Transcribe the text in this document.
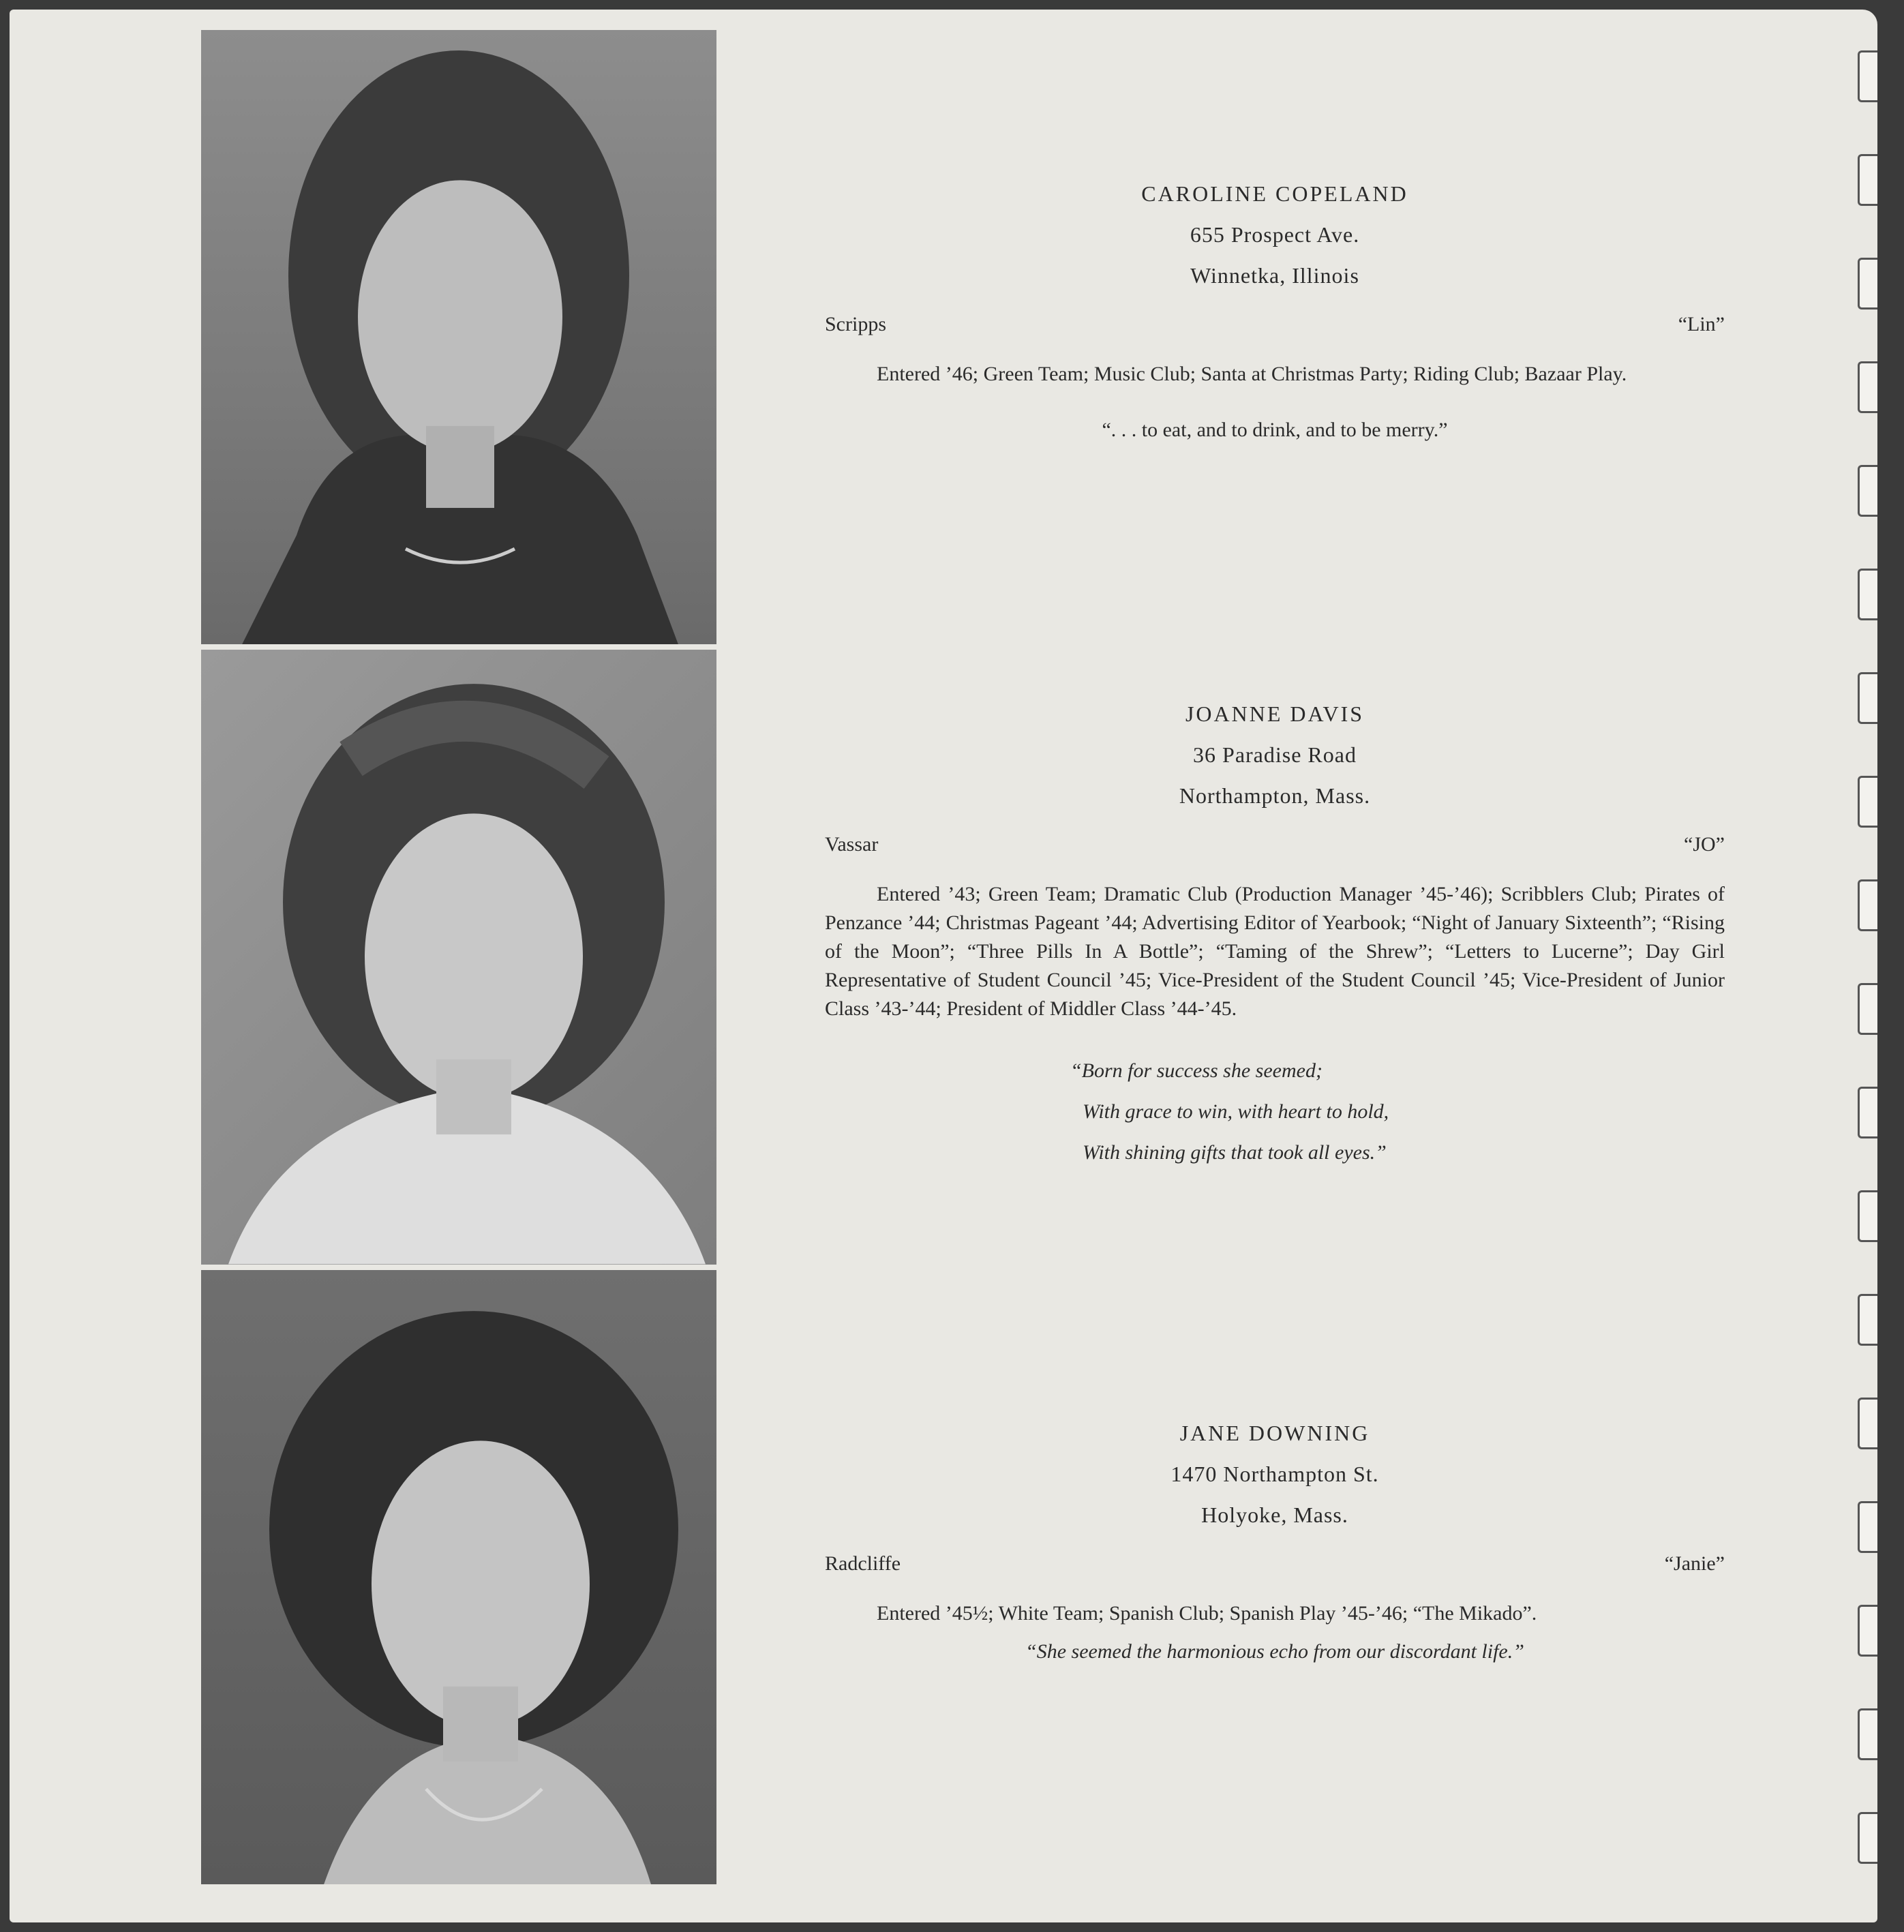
CAROLINE COPELAND
655 Prospect Ave.
Winnetka, Illinois
Scripps	“Lin”
Entered ’46; Green Team; Music Club; Santa at Christmas Party; Riding Club; Bazaar Play.
“. . . to eat, and to drink, and to be merry.”
JOANNE DAVIS
36 Paradise Road
Northampton, Mass.
Vassar	“JO”
Entered ’43; Green Team; Dramatic Club (Production Manager ’45-’46); Scribblers Club; Pirates of Penzance ’44; Christmas Pageant ’44; Advertising Editor of Yearbook; “Night of January Sixteenth”; “Rising of the Moon”; “Three Pills In A Bottle”; “Taming of the Shrew”; “Letters to Lucerne”; Day Girl Representative of Student Council ’45; Vice-President of the Student Council ’45; Vice-President of Junior Class ’43-’44; President of Middler Class ’44-’45.
“Born for success she seemed;
With grace to win, with heart to hold,
With shining gifts that took all eyes.”
JANE DOWNING
1470 Northampton St.
Holyoke, Mass.
Radcliffe	“Janie”
Entered ’45½; White Team; Spanish Club; Spanish Play ’45-’46; “The Mikado”.
“She seemed the harmonious echo from our discordant life.”
